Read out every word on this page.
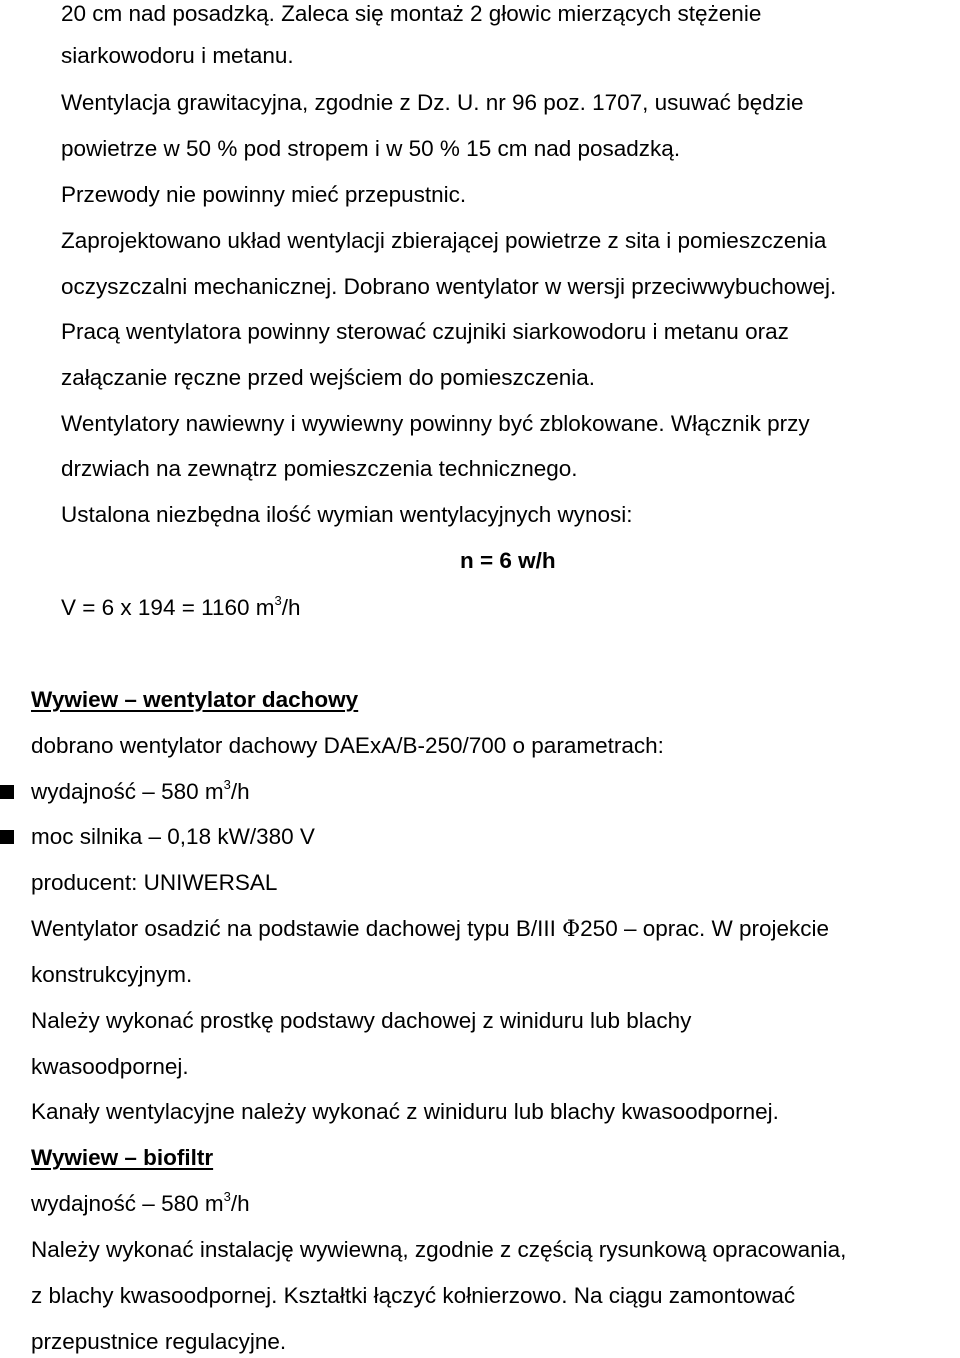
20 cm nad posadzką. Zaleca się montaż 2 głowic mierzących stężenie
siarkowodoru i metanu.
Wentylacja grawitacyjna, zgodnie z Dz. U. nr 96 poz. 1707, usuwać będzie
powietrze w 50 % pod stropem i w 50 % 15 cm nad posadzką.
Przewody nie powinny mieć przepustnic.
Zaprojektowano układ wentylacji zbierającej powietrze z sita i pomieszczenia
oczyszczalni mechanicznej. Dobrano wentylator w wersji przeciwwybuchowej.
Pracą wentylatora powinny sterować czujniki siarkowodoru i metanu oraz
załączanie ręczne przed wejściem do pomieszczenia.
Wentylatory nawiewny i wywiewny powinny być zblokowane. Włącznik przy
drzwiach na zewnątrz pomieszczenia technicznego.
Ustalona niezbędna ilość wymian wentylacyjnych wynosi:
n = 6 w/h
V = 6 x 194 = 1160 $m^3/h$
Wywiew – wentylator dachowy
dobrano wentylator dachowy DAExA/B-250/700 o parametrach:
wydajność – 580 $m^3/h$
moc silnika – 0,18 kW/380 V
producent: UNIWERSAL
Wentylator osadzić na podstawie dachowej typu B/III Φ250 – oprac. W projekcie
konstrukcyjnym.
Należy wykonać prostkę podstawy dachowej z winiduru lub blachy
kwasoodpornej.
Kanały wentylacyjne należy wykonać z winiduru lub blachy kwasoodpornej.
Wywiew – biofiltr
wydajność – 580 $m^3/h$
Należy wykonać instalację wywiewną, zgodnie z częścią rysunkową opracowania,
z blachy kwasoodpornej. Kształtki łączyć kołnierzowo. Na ciągu zamontować
przepustnice regulacyjne.
